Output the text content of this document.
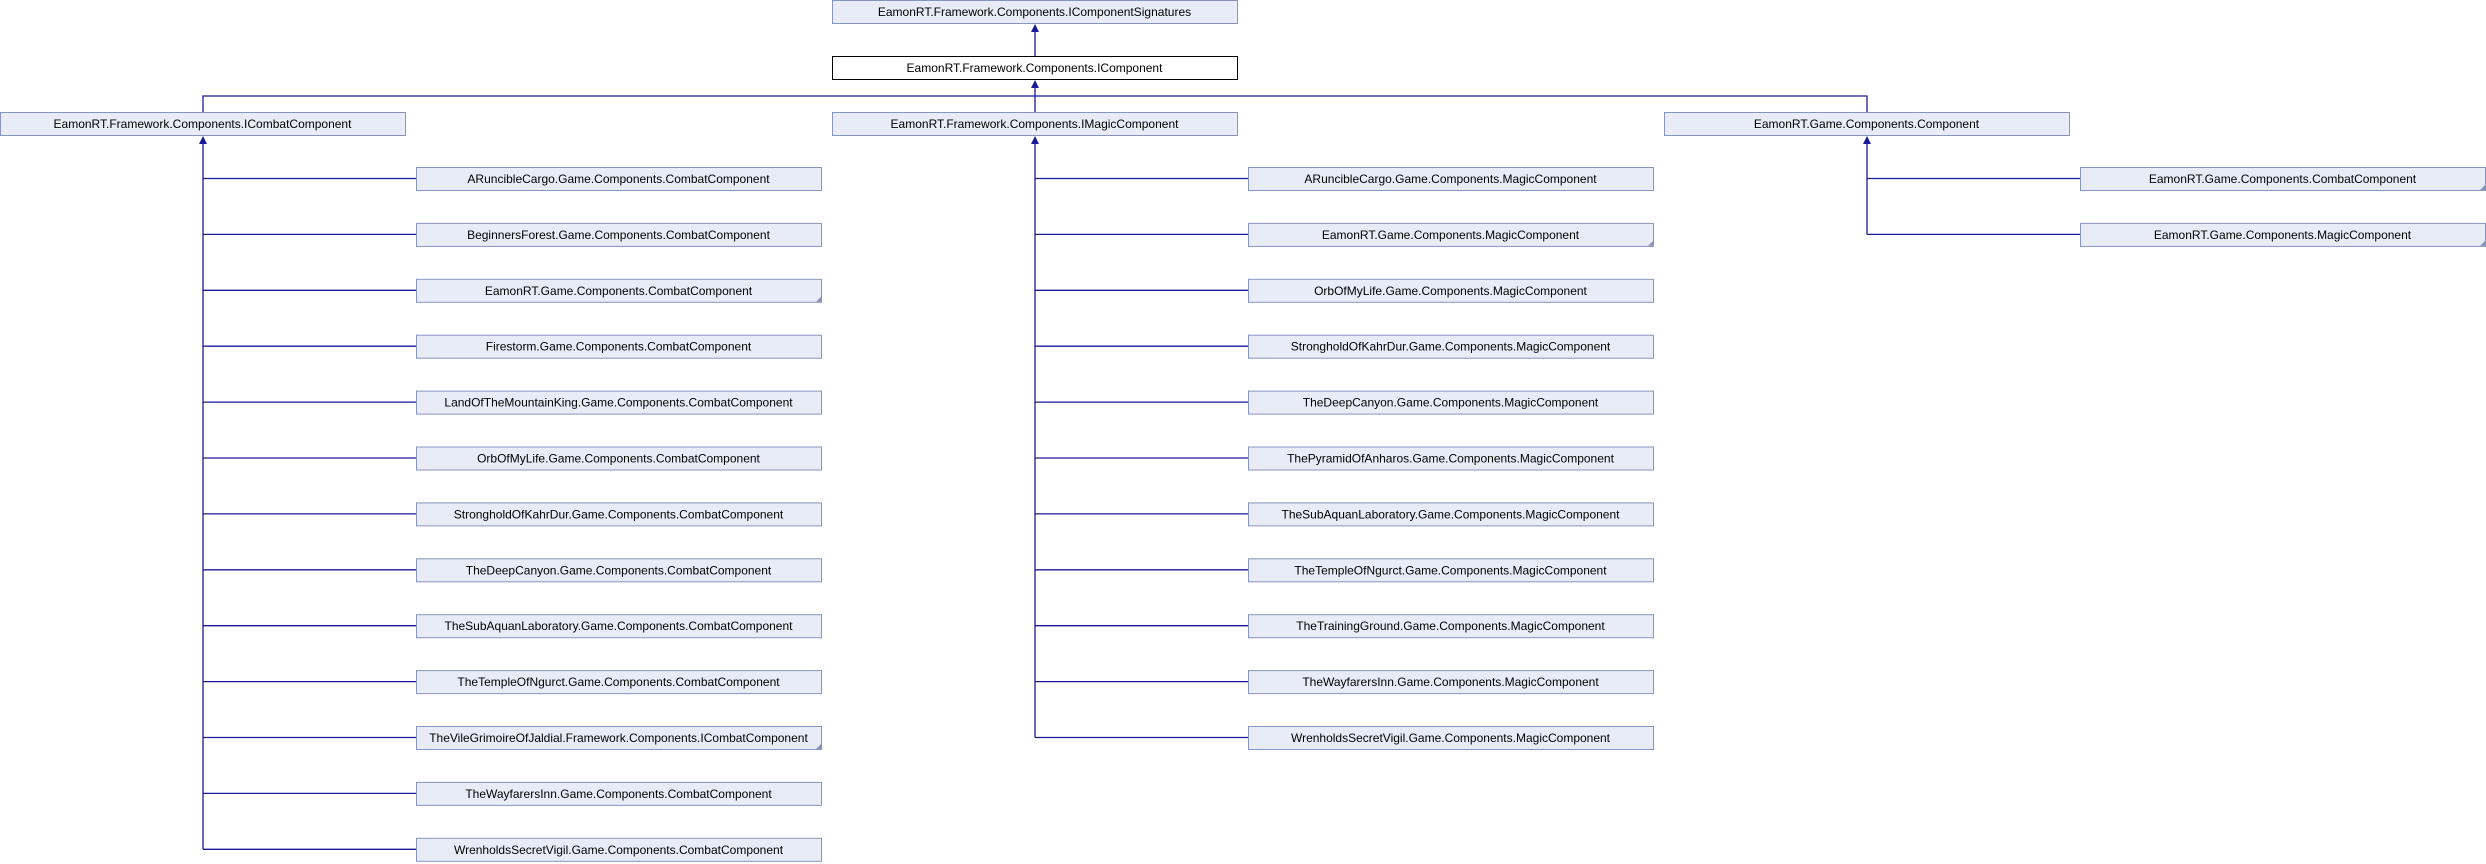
EamonRT.Framework.Components.IComponentSignatures
EamonRT.Framework.Components.IComponent
EamonRT.Framework.Components.ICombatComponent	EamonRT.Framework.Components.IMagicComponent	EamonRT.Game.Components.Component
ARuncibleCargo.Game.Components.CombatComponent
BeginnersForest.Game.Components.CombatComponent
EamonRT.Game.Components.CombatComponent
Firestorm.Game.Components.CombatComponent
LandOfTheMountainKing.Game.Components.CombatComponent
OrbOfMyLife.Game.Components.CombatComponent
StrongholdOfKahrDur.Game.Components.CombatComponent
TheDeepCanyon.Game.Components.CombatComponent
TheSubAquanLaboratory.Game.Components.CombatComponent
TheTempleOfNgurct.Game.Components.CombatComponent
TheVileGrimoireOfJaldial.Framework.Components.ICombatComponent
TheWayfarersInn.Game.Components.CombatComponent
WrenholdsSecretVigil.Game.Components.CombatComponent
ARuncibleCargo.Game.Components.MagicComponent
EamonRT.Game.Components.MagicComponent
OrbOfMyLife.Game.Components.MagicComponent
StrongholdOfKahrDur.Game.Components.MagicComponent
TheDeepCanyon.Game.Components.MagicComponent
ThePyramidOfAnharos.Game.Components.MagicComponent
TheSubAquanLaboratory.Game.Components.MagicComponent
TheTempleOfNgurct.Game.Components.MagicComponent
TheTrainingGround.Game.Components.MagicComponent
TheWayfarersInn.Game.Components.MagicComponent
WrenholdsSecretVigil.Game.Components.MagicComponent
EamonRT.Game.Components.CombatComponent
EamonRT.Game.Components.MagicComponent
